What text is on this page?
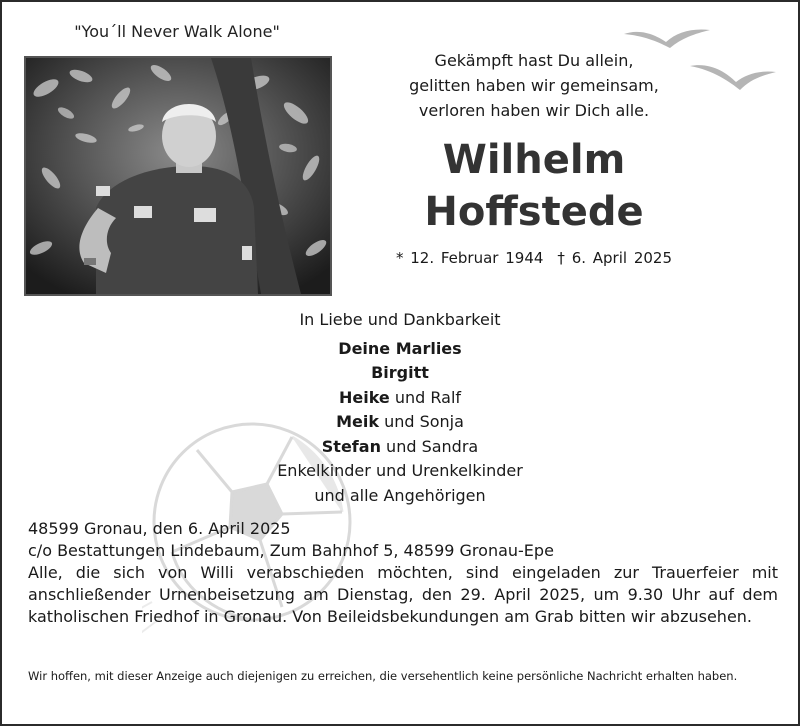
"You´ll Never Walk Alone"
Gekämpft hast Du allein,
gelitten haben wir gemeinsam,
verloren haben wir Dich alle.
Wilhelm
Hoffstede
* 12. Februar 1944 † 6. April 2025
In Liebe und Dankbarkeit
Deine Marlies
Birgitt
Heike und Ralf
Meik und Sonja
Stefan und Sandra
Enkelkinder und Urenkelkinder
und alle Angehörigen
48599 Gronau, den 6. April 2025
c/o Bestattungen Lindebaum, Zum Bahnhof 5, 48599 Gronau-Epe
Alle, die sich von Willi verabschieden möchten, sind eingeladen zur Trauerfeier mit anschließender Urnenbeisetzung am Dienstag, den 29. April 2025, um 9.30 Uhr auf dem katholischen Friedhof in Gronau. Von Beileidsbekundungen am Grab bitten wir abzusehen.
Wir hoffen, mit dieser Anzeige auch diejenigen zu erreichen, die versehentlich keine persönliche Nachricht erhalten haben.
